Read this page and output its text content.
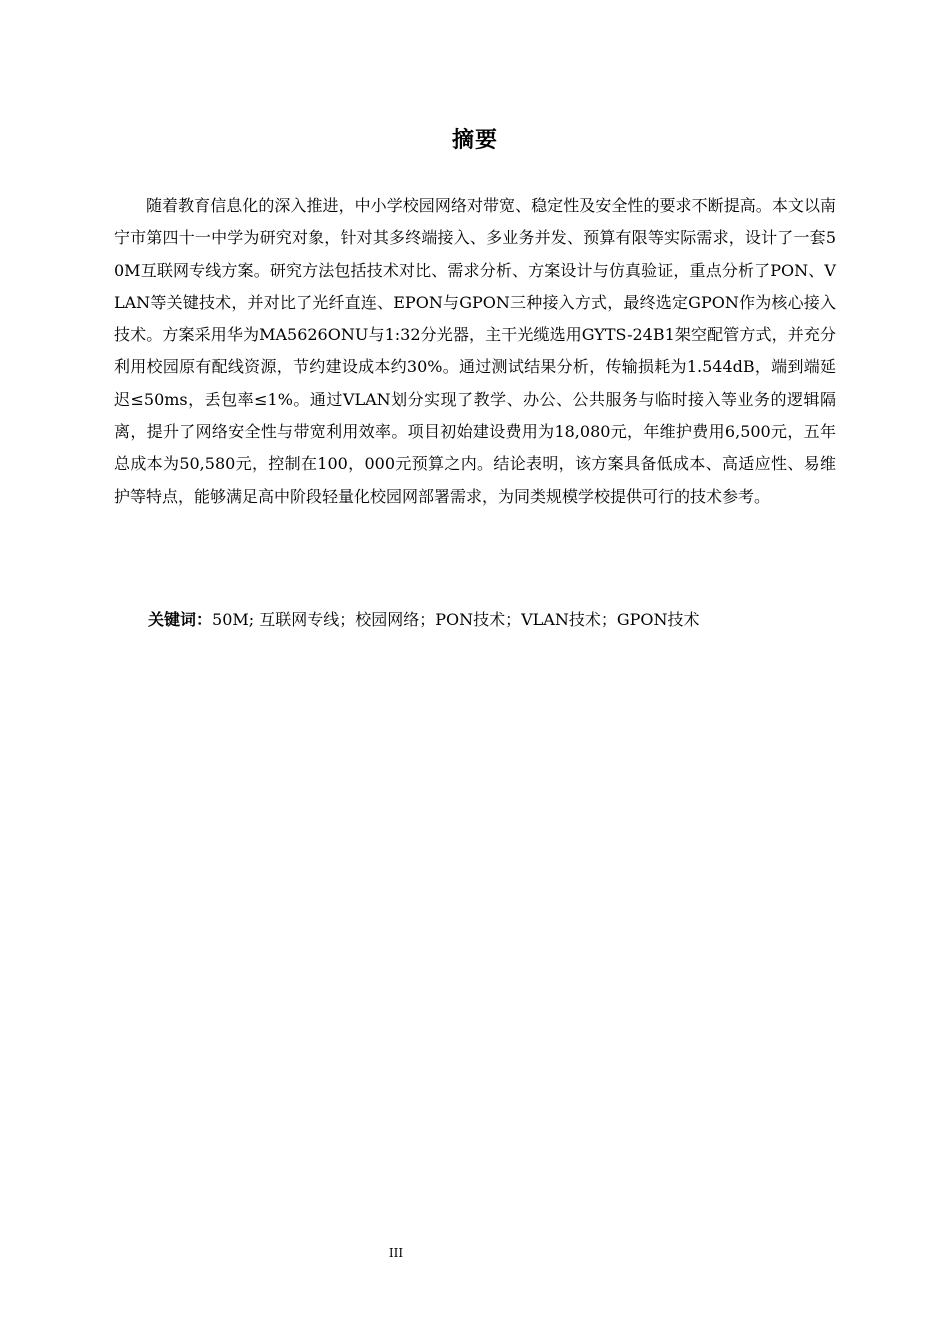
摘要

随着教育信息化的深入推进，中小学校园网络对带宽、稳定性及安全性的要求不断提高。本文以南宁市第四十一中学为研究对象，针对其多终端接入、多业务并发、预算有限等实际需求，设计了一套50M互联网专线方案。研究方法包括技术对比、需求分析、方案设计与仿真验证，重点分析了PON、VLAN等关键技术，并对比了光纤直连、EPON与GPON三种接入方式，最终选定GPON作为核心接入技术。方案采用华为MA5626ONU与1:32分光器，主干光缆选用GYTS-24B1架空配管方式，并充分利用校园原有配线资源，节约建设成本约30%。通过测试结果分析，传输损耗为1.544dB，端到端延迟≤50ms，丢包率≤1%。通过VLAN划分实现了教学、办公、公共服务与临时接入等业务的逻辑隔离，提升了网络安全性与带宽利用效率。项目初始建设费用为18,080元，年维护费用6,500元，五年总成本为50,580元，控制在100，000元预算之内。结论表明，该方案具备低成本、高适应性、易维护等特点，能够满足高中阶段轻量化校园网部署需求，为同类规模学校提供可行的技术参考。

关键词：50M; 互联网专线；校园网络；PON技术；VLAN技术；GPON技术
III
